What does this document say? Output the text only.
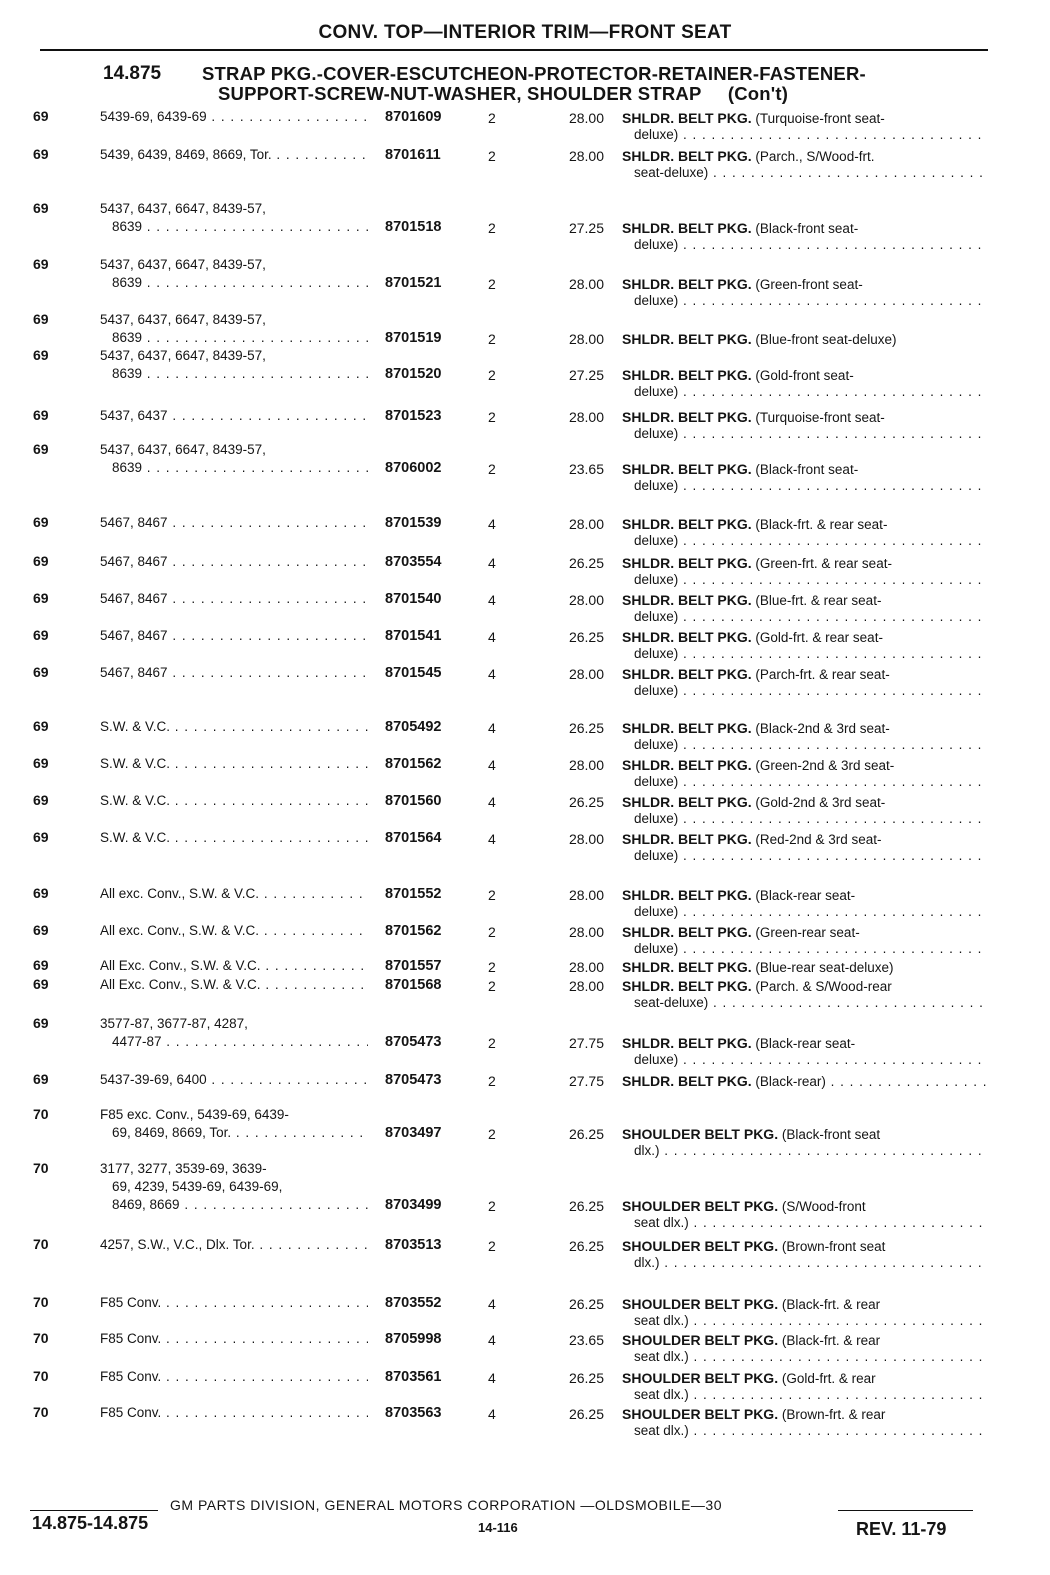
CONV. TOP—INTERIOR TRIM—FRONT SEAT
14.875 STRAP PKG.-COVER-ESCUTCHEON-PROTECTOR-RETAINER-FASTENER-
SUPPORT-SCREW-NUT-WASHER, SHOULDER STRAP     (Con't)
69	5439-69, 6439-69 . . .	8701609	2	28.00 SHLDR. BELT PKG. (Turquoise-front seat-
deluxe) . . .
69	5439, 6439, 8469, 8669, Tor. . . .	8701611	2	28.00 SHLDR. BELT PKG. (Parch., S/Wood-frt.
seat-deluxe) . . .
69	5437, 6437, 6647, 8439-57,
8639 . . .	8701518	2	27.25 SHLDR. BELT PKG. (Black-front seat-
deluxe) . . .
69	5437, 6437, 6647, 8439-57,
8639 . . .	8701521	2	28.00 SHLDR. BELT PKG. (Green-front seat-
deluxe) . . .
69	5437, 6437, 6647, 8439-57,
8639 . . .	8701519	2	28.00 SHLDR. BELT PKG. (Blue-front seat-deluxe)
69	5437, 6437, 6647, 8439-57,
8639 . . .	8701520	2	27.25 SHLDR. BELT PKG. (Gold-front seat-
deluxe) . . .
69	5437, 6437 . . .	8701523	2	28.00 SHLDR. BELT PKG. (Turquoise-front seat-
deluxe) . . .
69	5437, 6437, 6647, 8439-57,
8639 . . .	8706002	2	23.65 SHLDR. BELT PKG. (Black-front seat-
deluxe) . . .
69	5467, 8467 . . .	8701539	4	28.00 SHLDR. BELT PKG. (Black-frt. & rear seat-
deluxe) . . .
69	5467, 8467 . . .	8703554	4	26.25 SHLDR. BELT PKG. (Green-frt. & rear seat-
deluxe) . . .
69	5467, 8467 . . .	8701540	4	28.00 SHLDR. BELT PKG. (Blue-frt. & rear seat-
deluxe) . . .
69	5467, 8467 . . .	8701541	4	26.25 SHLDR. BELT PKG. (Gold-frt. & rear seat-
deluxe) . . .
69	5467, 8467 . . .	8701545	4	28.00 SHLDR. BELT PKG. (Parch-frt. & rear seat-
deluxe) . . .
69	S.W. & V.C. . . .	8705492	4	26.25 SHLDR. BELT PKG. (Black-2nd & 3rd seat-
deluxe) . . .
69	S.W. & V.C. . . .	8701562	4	28.00 SHLDR. BELT PKG. (Green-2nd & 3rd seat-
deluxe) . . .
69	S.W. & V.C. . . .	8701560	4	26.25 SHLDR. BELT PKG. (Gold-2nd & 3rd seat-
deluxe) . . .
69	S.W. & V.C. . . .	8701564	4	28.00 SHLDR. BELT PKG. (Red-2nd & 3rd seat-
deluxe) . . .
69	All exc. Conv., S.W. & V.C. . . .	8701552	2	28.00 SHLDR. BELT PKG. (Black-rear seat-
deluxe) . . .
69	All exc. Conv., S.W. & V.C. . . .	8701562	2	28.00 SHLDR. BELT PKG. (Green-rear seat-
deluxe) . . .
69	All Exc. Conv., S.W. & V.C. . . .	8701557	2	28.00 SHLDR. BELT PKG. (Blue-rear seat-deluxe)
69	All Exc. Conv., S.W. & V.C. . . .	8701568	2	28.00 SHLDR. BELT PKG. (Parch. & S/Wood-rear
seat-deluxe) . . .
69	3577-87, 3677-87, 4287,
4477-87 . . .	8705473	2	27.75 SHLDR. BELT PKG. (Black-rear seat-
deluxe) . . .
69	5437-39-69, 6400 . . .	8705473	2	27.75 SHLDR. BELT PKG. (Black-rear) . . .
70	F85 exc. Conv., 5439-69, 6439-
69, 8469, 8669, Tor. . . .	8703497	2	26.25 SHOULDER BELT PKG. (Black-front seat
dlx.) . . .
70	3177, 3277, 3539-69, 3639-
69, 4239, 5439-69, 6439-69,
8469, 8669 . . .	8703499	2	26.25 SHOULDER BELT PKG. (S/Wood-front
seat dlx.) . . .
70	4257, S.W., V.C., Dlx. Tor. . . .	8703513	2	26.25 SHOULDER BELT PKG. (Brown-front seat
dlx.) . . .
70	F85 Conv. . . .	8703552	4	26.25 SHOULDER BELT PKG. (Black-frt. & rear
seat dlx.) . . .
70	F85 Conv. . . .	8705998	4	23.65 SHOULDER BELT PKG. (Black-frt. & rear
seat dlx.) . . .
70	F85 Conv. . . .	8703561	4	26.25 SHOULDER BELT PKG. (Gold-frt. & rear
seat dlx.) . . .
70	F85 Conv. . . .	8703563	4	26.25 SHOULDER BELT PKG. (Brown-frt. & rear
seat dlx.) . . .
GM PARTS DIVISION, GENERAL MOTORS CORPORATION —OLDSMOBILE—30
14.875-14.875	14-116	REV. 11-79
